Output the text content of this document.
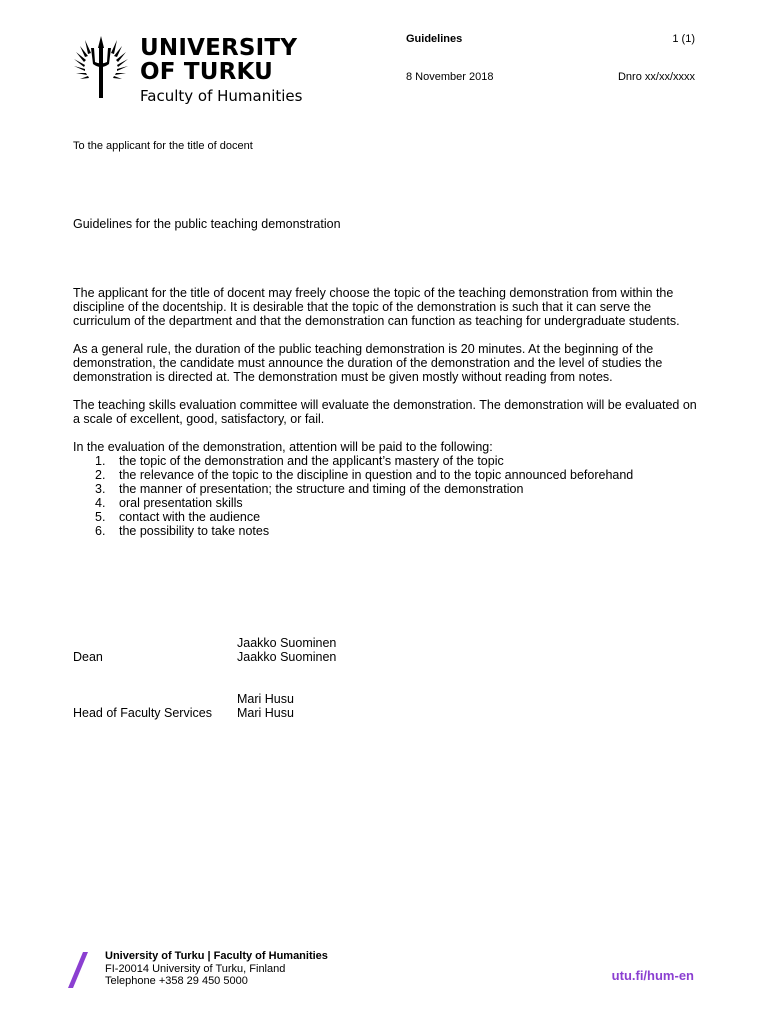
UNIVERSITY
OF TURKU
Faculty of Humanities
Guidelines	1 (1)
8 November 2018	Dnro xx/xx/xxxx
To the applicant for the title of docent
Guidelines for the public teaching demonstration

The applicant for the title of docent may freely choose the topic of the teaching demonstration from within the discipline of the docentship. It is desirable that the topic of the demonstration is such that it can serve the curriculum of the department and that the demonstration can function as teaching for undergraduate students.

As a general rule, the duration of the public teaching demonstration is 20 minutes. At the beginning of the demonstration, the candidate must announce the duration of the demonstration and the level of studies the demonstration is directed at. The demonstration must be given mostly without reading from notes.

The teaching skills evaluation committee will evaluate the demonstration. The demonstration will be evaluated on a scale of excellent, good, satisfactory, or fail.

In the evaluation of the demonstration, attention will be paid to the following:

1. the topic of the demonstration and the applicant’s mastery of the topic
2. the relevance of the topic to the discipline in question and to the topic announced beforehand
3. the manner of presentation; the structure and timing of the demonstration
4. oral presentation skills
5. contact with the audience
6. the possibility to take notes
Jaakko Suominen
Dean	Jaakko Suominen
Mari Husu
Head of Faculty Services Mari Husu
University of Turku | Faculty of Humanities
FI-20014 University of Turku, Finland
Telephone +358 29 450 5000	utu.fi/hum-en
